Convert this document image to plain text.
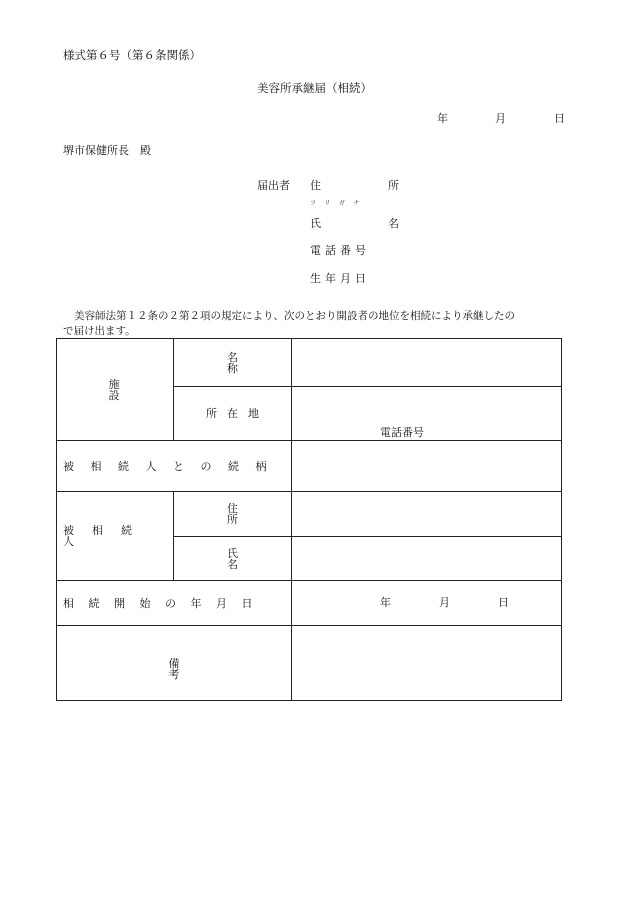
様式第６号（第６条関係）
美容所承継届（相続）
年	月	日
堺市保健所長　殿
届出者 住　所
フリガナ
氏　名
電話番号
生年月日
美容師法第１２条の２第２項の規定により、次のとおり開設者の地位を相続により承継したの
で届け出ます。
施　設	名　称	

	所在地	電話番号

被相続人との続柄		

被相続人	住　所	

	氏　名	

相続開始の年月日		年 月 日

備　考		
